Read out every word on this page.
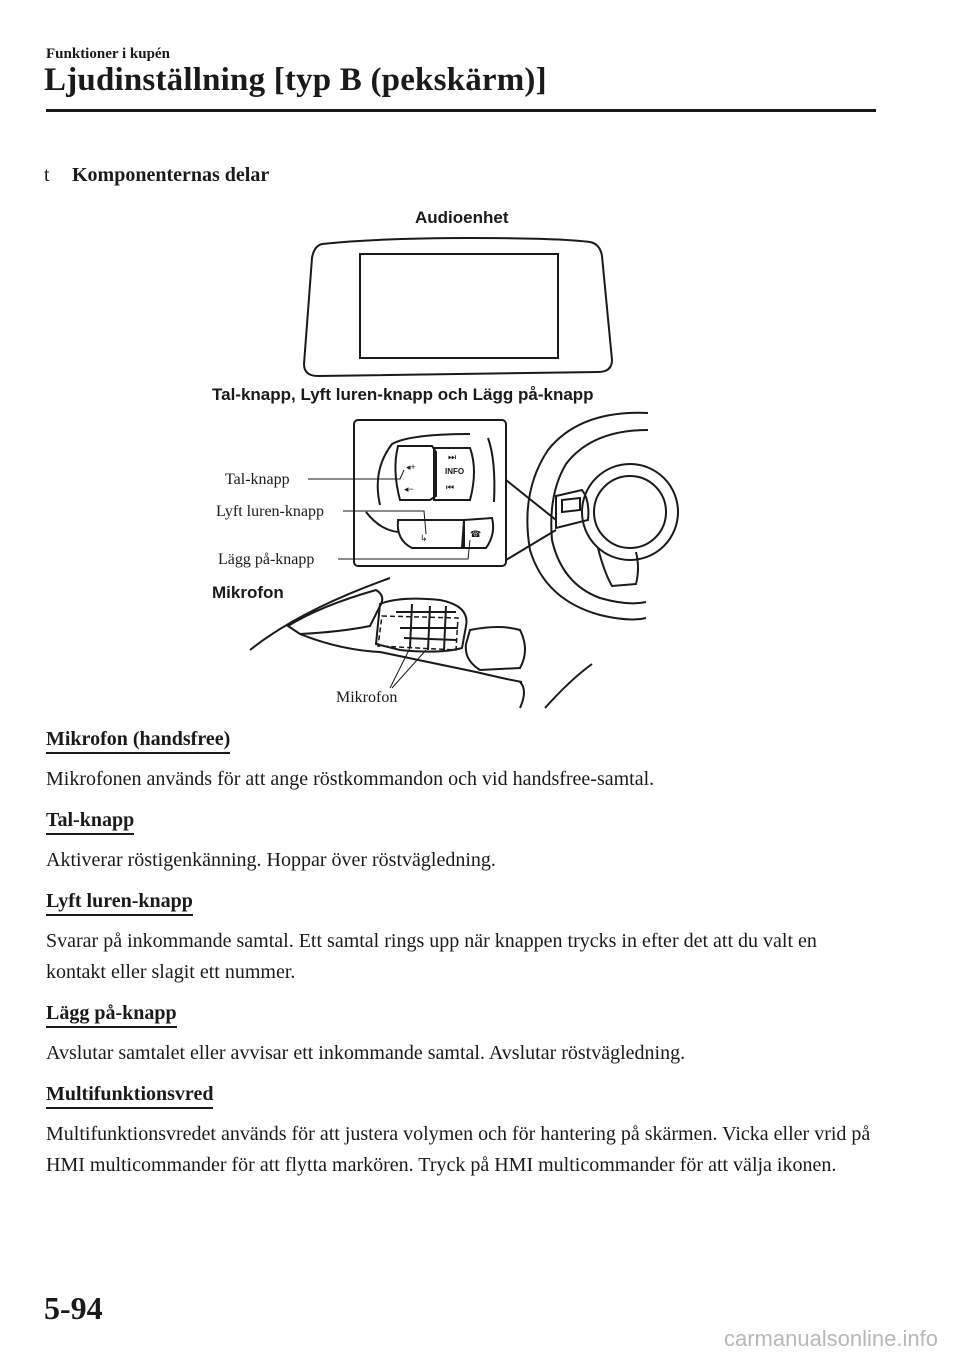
Funktioner i kupén
Ljudinställning [typ B (pekskärm)]
t Komponenternas delar
Audioenhet
Tal-knapp, Lyft luren-knapp och Lägg på-knapp
◂+
◂−
⏭
⏮
↳	☎
INFO
Tal-knapp
Lyft luren-knapp
Lägg på-knapp
Mikrofon
Mikrofon
Mikrofon (handsfree)

Mikrofonen används för att ange röstkommandon och vid handsfree-samtal.

Tal-knapp

Aktiverar röstigenkänning. Hoppar över röstvägledning.

Lyft luren-knapp

Svarar på inkommande samtal. Ett samtal rings upp när knappen trycks in efter det att du valt en kontakt eller slagit ett nummer.

Lägg på-knapp

Avslutar samtalet eller avvisar ett inkommande samtal. Avslutar röstvägledning.

Multifunktionsvred

Multifunktionsvredet används för att justera volymen och för hantering på skärmen. Vicka eller vrid på HMI multicommander för att flytta markören. Tryck på HMI multicommander för att välja ikonen.

5-94
carmanualsonline.info
